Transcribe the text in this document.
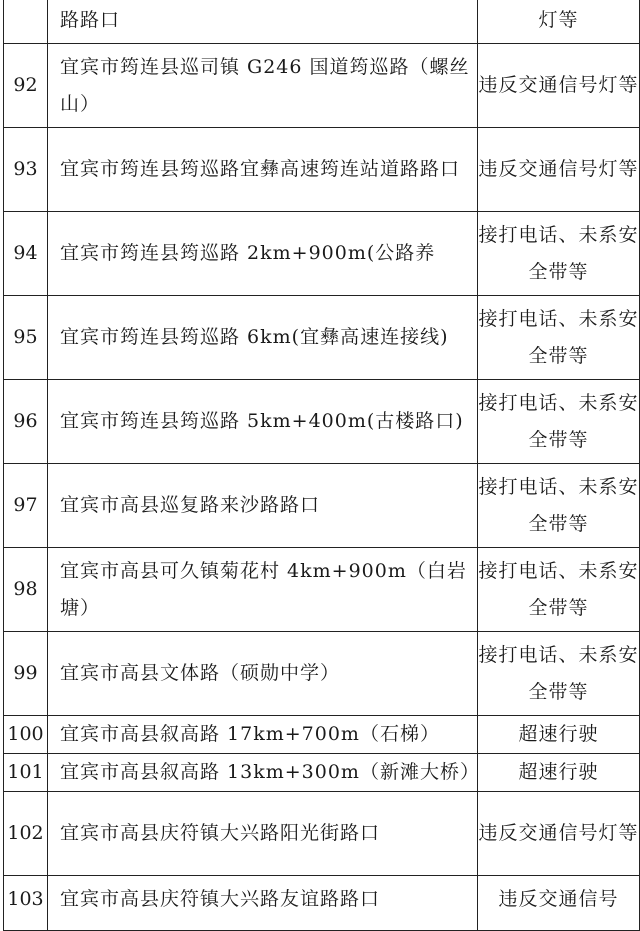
	路路口	灯等
92	宜宾市筠连县巡司镇 G246 国道筠巡路（螺丝山）	违反交通信号灯等
93	宜宾市筠连县筠巡路宜彝高速筠连站道路路口	违反交通信号灯等
94	宜宾市筠连县筠巡路 2km+900m(公路养	接打电话、未系安全带等
95	宜宾市筠连县筠巡路 6km(宜彝高速连接线)	接打电话、未系安全带等
96	宜宾市筠连县筠巡路 5km+400m(古楼路口)	接打电话、未系安全带等
97	宜宾市高县巡复路来沙路路口	接打电话、未系安全带等
98	宜宾市高县可久镇菊花村 4km+900m（白岩塘）	接打电话、未系安全带等
99	宜宾市高县文体路（硕勋中学）	接打电话、未系安全带等
100	宜宾市高县叙高路 17km+700m（石梯）	超速行驶
101	宜宾市高县叙高路 13km+300m（新滩大桥）	超速行驶
102	宜宾市高县庆符镇大兴路阳光街路口	违反交通信号灯等
103	宜宾市高县庆符镇大兴路友谊路路口	违反交通信号
